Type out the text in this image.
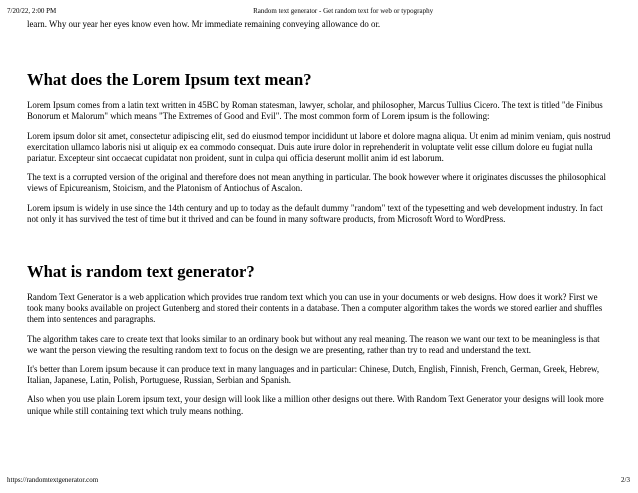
7/20/22, 2:00 PM	Random text generator - Get random text for web or typography

learn. Why our year her eyes know even how. Mr immediate remaining conveying allowance do or.

What does the Lorem Ipsum text mean?

Lorem Ipsum comes from a latin text written in 45BC by Roman statesman, lawyer, scholar, and philosopher, Marcus Tullius Cicero. The text is titled "de Finibus Bonorum et Malorum" which means "The Extremes of Good and Evil". The most common form of Lorem ipsum is the following:

Lorem ipsum dolor sit amet, consectetur adipiscing elit, sed do eiusmod tempor incididunt ut labore et dolore magna aliqua. Ut enim ad minim veniam, quis nostrud exercitation ullamco laboris nisi ut aliquip ex ea commodo consequat. Duis aute irure dolor in reprehenderit in voluptate velit esse cillum dolore eu fugiat nulla pariatur. Excepteur sint occaecat cupidatat non proident, sunt in culpa qui officia deserunt mollit anim id est laborum.

The text is a corrupted version of the original and therefore does not mean anything in particular. The book however where it originates discusses the philosophical views of Epicureanism, Stoicism, and the Platonism of Antiochus of Ascalon.

Lorem ipsum is widely in use since the 14th century and up to today as the default dummy "random" text of the typesetting and web development industry. In fact not only it has survived the test of time but it thrived and can be found in many software products, from Microsoft Word to WordPress.

What is random text generator?

Random Text Generator is a web application which provides true random text which you can use in your documents or web designs. How does it work? First we took many books available on project Gutenberg and stored their contents in a database. Then a computer algorithm takes the words we stored earlier and shuffles them into sentences and paragraphs.

The algorithm takes care to create text that looks similar to an ordinary book but without any real meaning. The reason we want our text to be meaningless is that we want the person viewing the resulting random text to focus on the design we are presenting, rather than try to read and understand the text.

It's better than Lorem ipsum because it can produce text in many languages and in particular: Chinese, Dutch, English, Finnish, French, German, Greek, Hebrew, Italian, Japanese, Latin, Polish, Portuguese, Russian, Serbian and Spanish.

Also when you use plain Lorem ipsum text, your design will look like a million other designs out there. With Random Text Generator your designs will look more unique while still containing text which truly means nothing.

https://randomtextgenerator.com	2/3
